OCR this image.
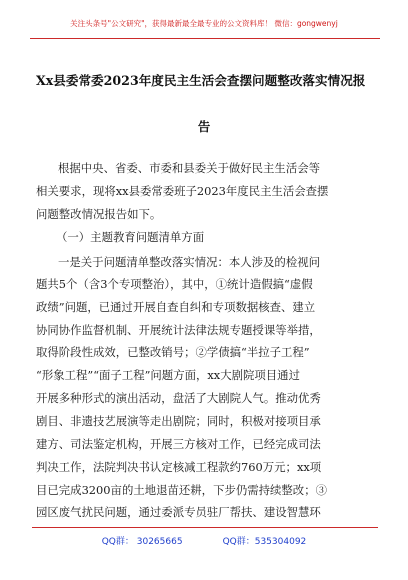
关注头条号"公文研究"，获得最新最全最专业的公文资料库！ 微信：gongwenyj
Xx县委常委2023年度民主生活会查摆问题整改落实情况报
告
根据中央、省委、市委和县委关于做好民主生活会等
相关要求，现将xx县委常委班子2023年度民主生活会查摆
问题整改情况报告如下。
（一）主题教育问题清单方面
一是关于问题清单整改落实情况：本人涉及的检视问
题共5个（含3个专项整治），其中，①统计造假搞“虚假
政绩”问题，已通过开展自查自纠和专项数据核查、建立
协同协作监督机制、开展统计法律法规专题授课等举措，
取得阶段性成效，已整改销号；②学债搞“半拉子工程”
“形象工程”“面子工程”问题方面，xx大剧院项目通过
开展多种形式的演出活动，盘活了大剧院人气。推动优秀
剧目、非遗技艺展演等走出剧院；同时，积极对接项目承
建方、司法鉴定机构，开展三方核对工作，已经完成司法
判决工作，法院判决书认定核减工程款约760万元；xx项
目已完成3200亩的土地退苗还耕，下步仍需持续整改；③
园区废气扰民问题，通过委派专员驻厂帮扶、建设智慧环
QQ群： 30265665	QQ群：535304092
